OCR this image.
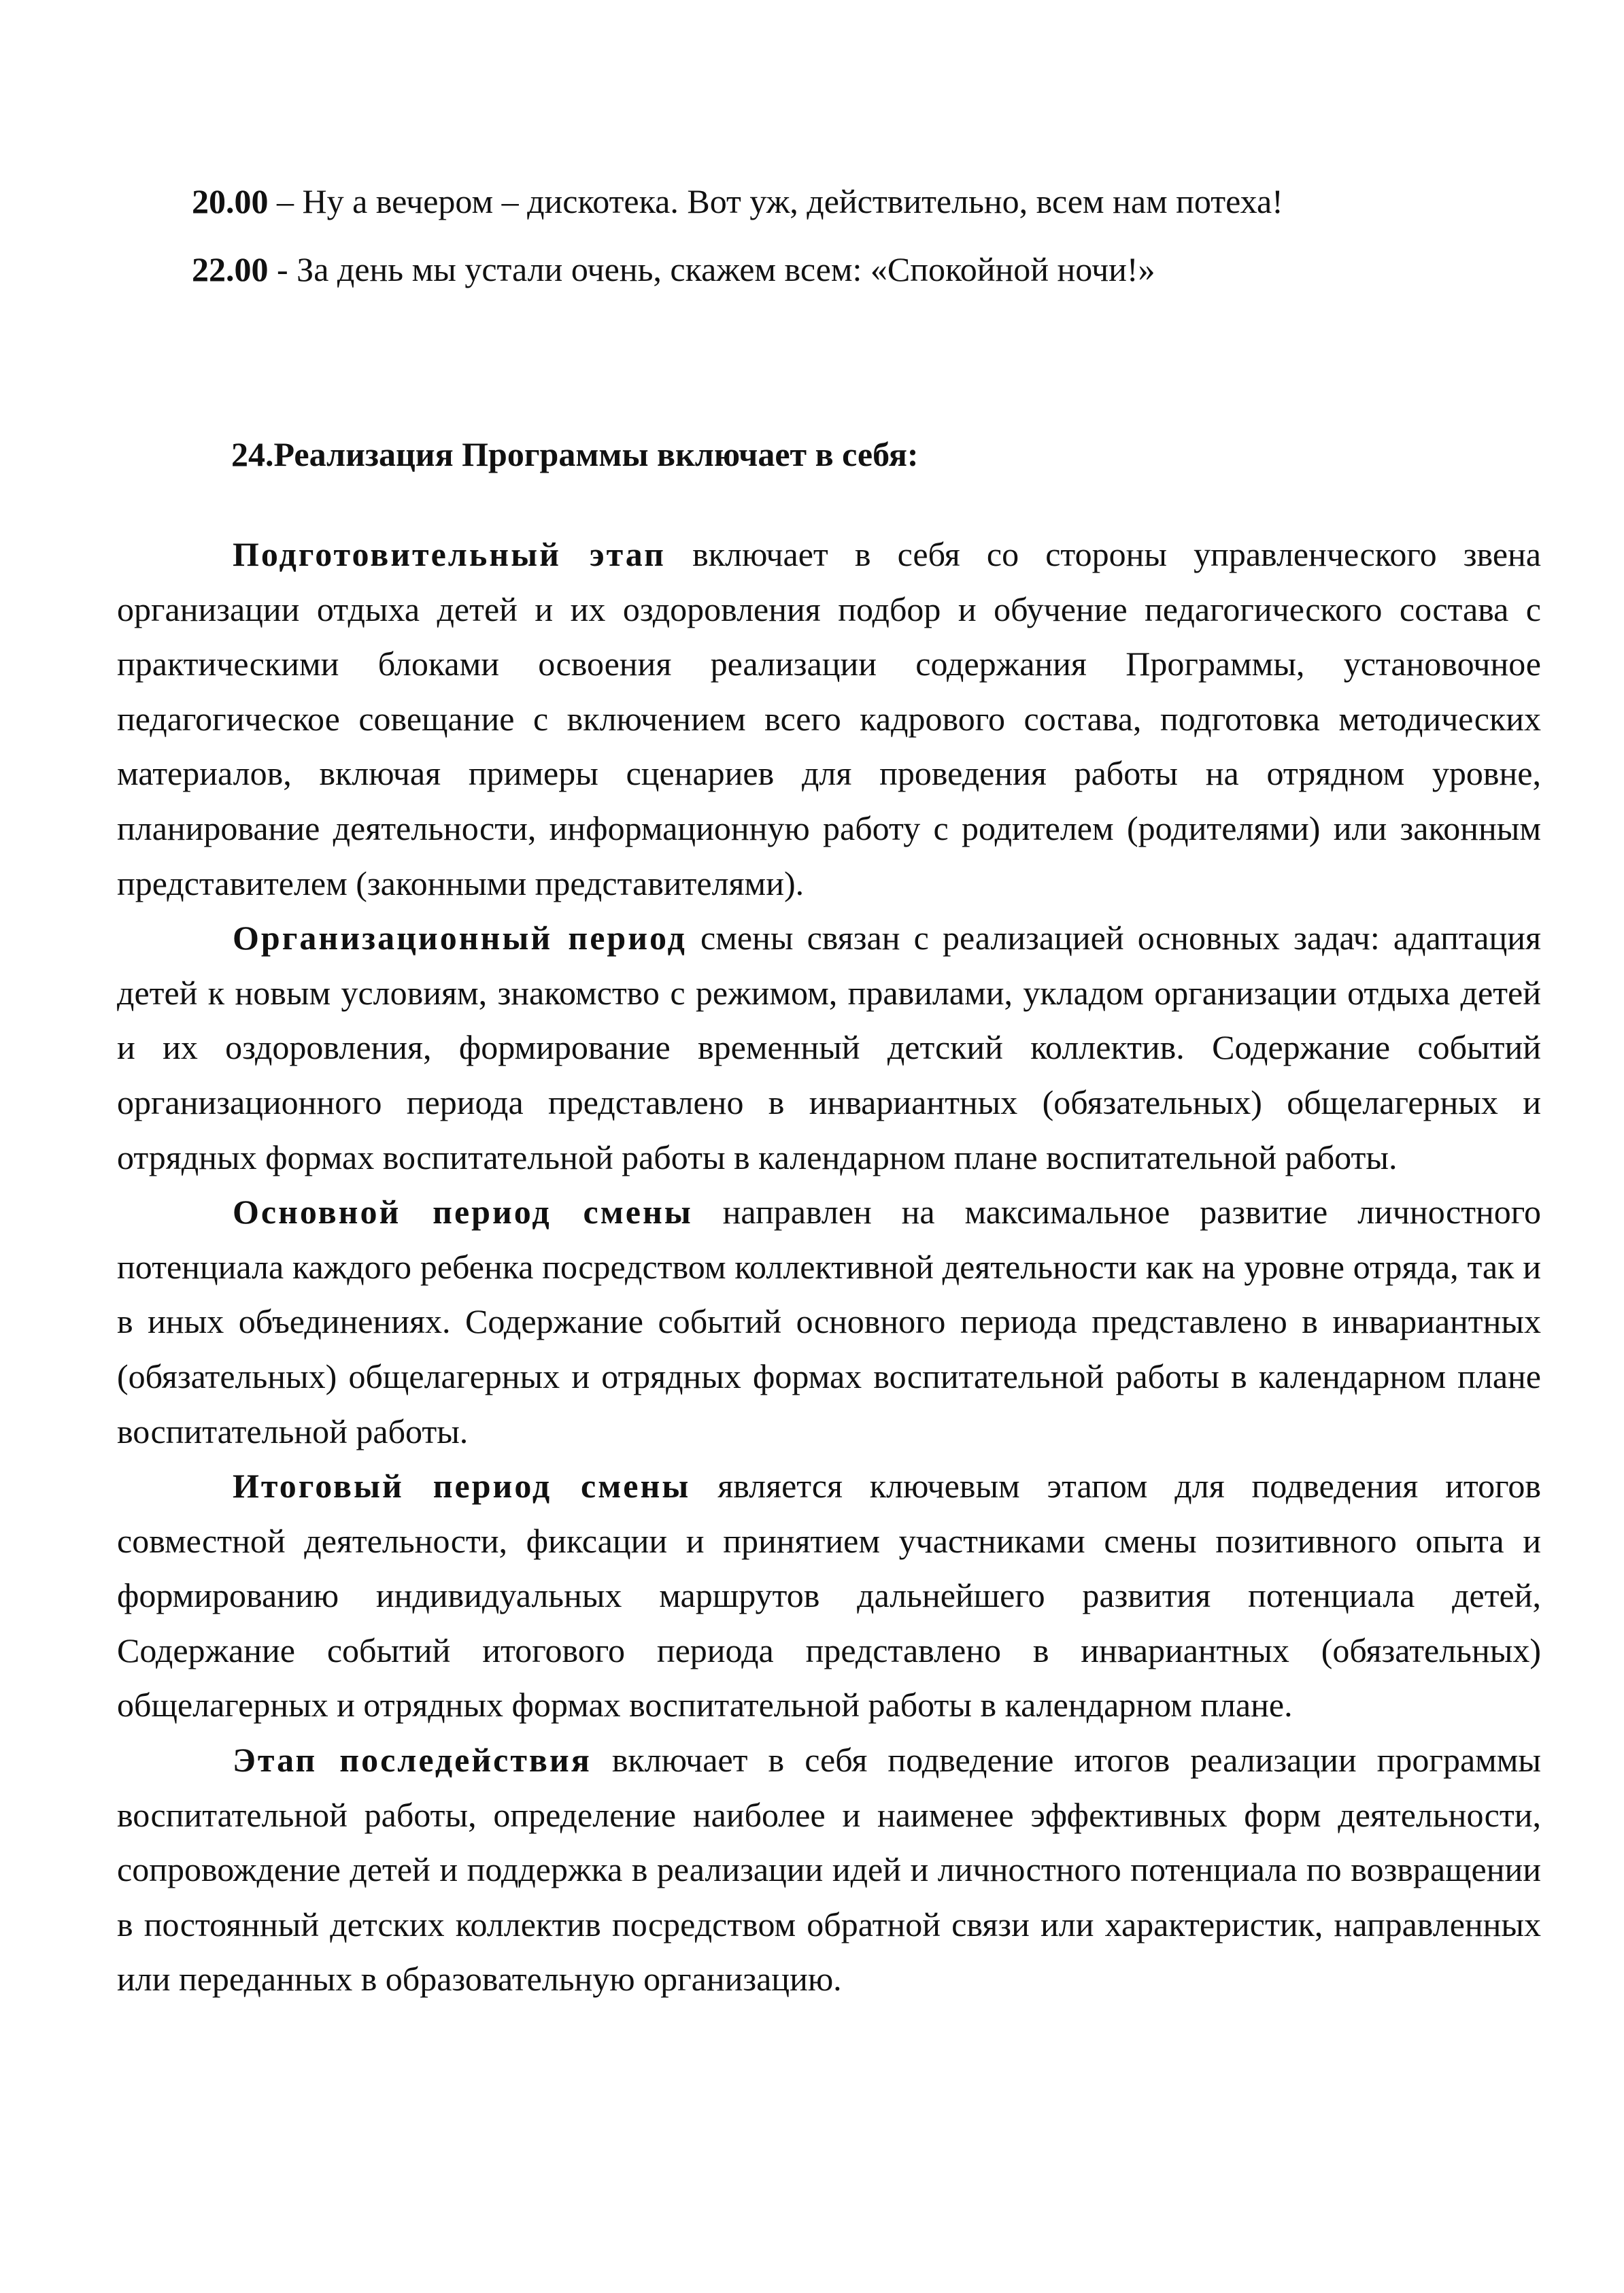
20.00 – Ну а вечером – дискотека. Вот уж, действительно, всем нам потеха!
22.00 - За день мы устали очень, скажем всем: «Спокойной ночи!»
24.Реализация Программы включает в себя:

Подготовительный этап включает в себя со стороны управленческого звена организации отдыха детей и их оздоровления подбор и обучение педагогического состава с практическими блоками освоения реализации содержания Программы, установочное педагогическое совещание с включением всего кадрового состава, подготовка методических материалов, включая примеры сценариев для проведения работы на отрядном уровне, планирование деятельности, информационную работу с родителем (родителями) или законным представителем (законными представителями).

Организационный период смены связан с реализацией основных задач: адаптация детей к новым условиям, знакомство с режимом, правилами, укладом организации отдыха детей и их оздоровления, формирование временный детский коллектив. Содержание событий организационного периода представлено в инвариантных (обязательных) общелагерных и отрядных формах воспитательной работы в календарном плане воспитательной работы.

Основной период смены направлен на максимальное развитие личностного потенциала каждого ребенка посредством коллективной деятельности как на уровне отряда, так и в иных объединениях. Содержание событий основного периода представлено в инвариантных (обязательных) общелагерных и отрядных формах воспитательной работы в календарном плане воспитательной работы.

Итоговый период смены является ключевым этапом для подведения итогов совместной деятельности, фиксации и принятием участниками смены позитивного опыта и формированию индивидуальных маршрутов дальнейшего развития потенциала детей, Содержание событий итогового периода представлено в инвариантных (обязательных) общелагерных и отрядных формах воспитательной работы в календарном плане.

Этап последействия включает в себя подведение итогов реализации программы воспитательной работы, определение наиболее и наименее эффективных форм деятельности, сопровождение детей и поддержка в реализации идей и личностного потенциала по возвращении в постоянный детских коллектив посредством обратной связи или характеристик, направленных или переданных в образовательную организацию.
